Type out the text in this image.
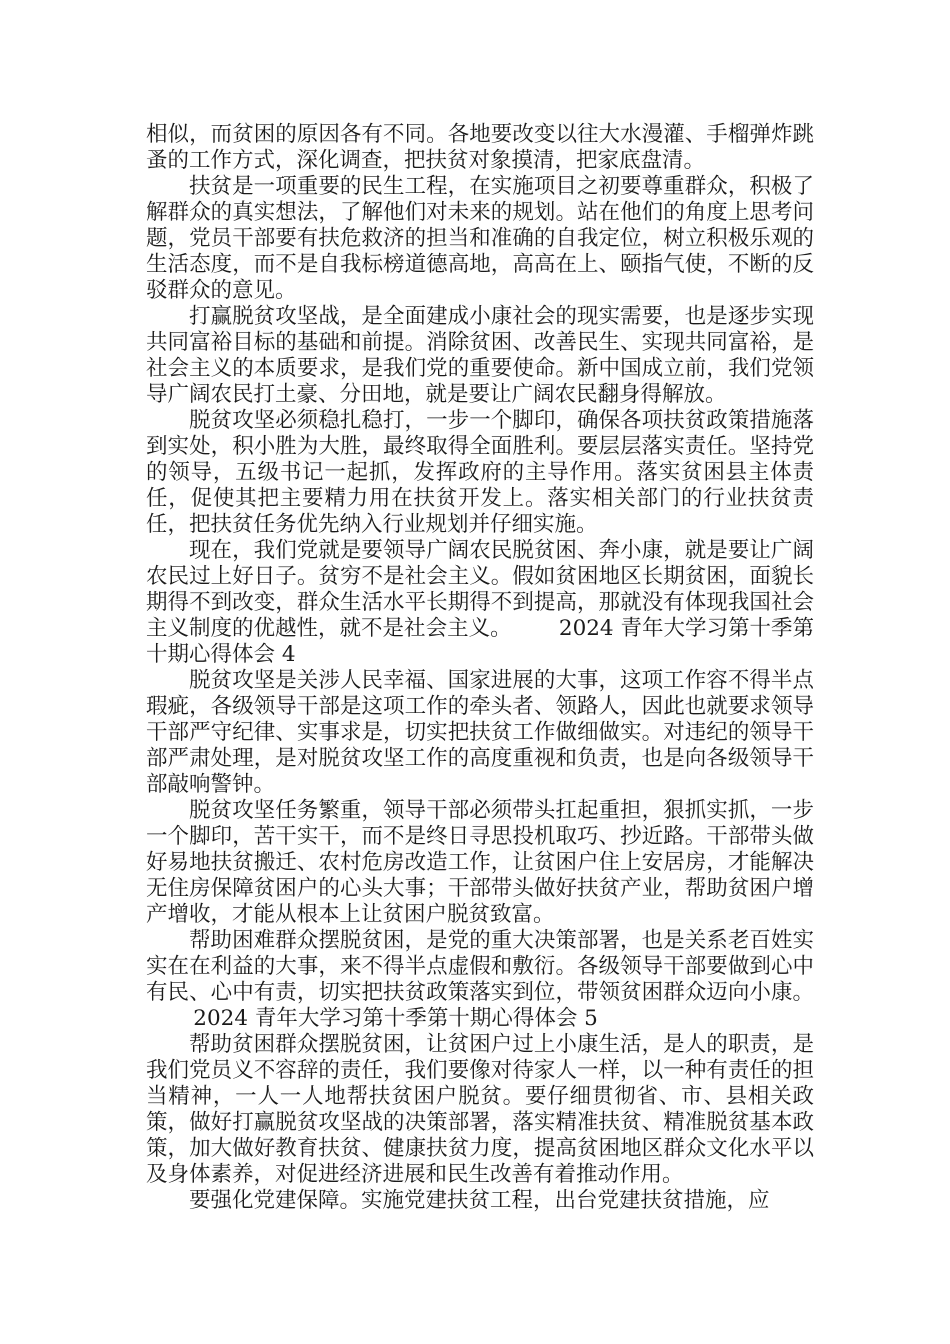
相似，而贫困的原因各有不同。各地要改变以往大水漫灌、手榴弹炸跳蚤的工作方式，深化调查，把扶贫对象摸清，把家底盘清。

扶贫是一项重要的民生工程，在实施项目之初要尊重群众，积极了解群众的真实想法，了解他们对未来的规划。站在他们的角度上思考问题，党员干部要有扶危救济的担当和准确的自我定位，树立积极乐观的生活态度，而不是自我标榜道德高地，高高在上、颐指气使，不断的反驳群众的意见。

打赢脱贫攻坚战，是全面建成小康社会的现实需要，也是逐步实现共同富裕目标的基础和前提。消除贫困、改善民生、实现共同富裕，是社会主义的本质要求，是我们党的重要使命。新中国成立前，我们党领导广阔农民打土豪、分田地，就是要让广阔农民翻身得解放。

脱贫攻坚必须稳扎稳打，一步一个脚印，确保各项扶贫政策措施落到实处，积小胜为大胜，最终取得全面胜利。要层层落实责任。坚持党的领导，五级书记一起抓，发挥政府的主导作用。落实贫困县主体责任，促使其把主要精力用在扶贫开发上。落实相关部门的行业扶贫责任，把扶贫任务优先纳入行业规划并仔细实施。

现在，我们党就是要领导广阔农民脱贫困、奔小康，就是要让广阔农民过上好日子。贫穷不是社会主义。假如贫困地区长期贫困，面貌长期得不到改变，群众生活水平长期得不到提高，那就没有体现我国社会主义制度的优越性，就不是社会主义。 2024 青年大学习第十季第十期心得体会 4

脱贫攻坚是关涉人民幸福、国家进展的大事，这项工作容不得半点瑕疵，各级领导干部是这项工作的牵头者、领路人，因此也就要求领导干部严守纪律、实事求是，切实把扶贫工作做细做实。对违纪的领导干部严肃处理，是对脱贫攻坚工作的高度重视和负责，也是向各级领导干部敲响警钟。

脱贫攻坚任务繁重，领导干部必须带头扛起重担，狠抓实抓，一步一个脚印，苦干实干，而不是终日寻思投机取巧、抄近路。干部带头做好易地扶贫搬迁、农村危房改造工作，让贫困户住上安居房，才能解决无住房保障贫困户的心头大事；干部带头做好扶贫产业，帮助贫困户增产增收，才能从根本上让贫困户脱贫致富。

帮助困难群众摆脱贫困，是党的重大决策部署，也是关系老百姓实实在在利益的大事，来不得半点虚假和敷衍。各级领导干部要做到心中有民、心中有责，切实把扶贫政策落实到位，带领贫困群众迈向小康。2024 青年大学习第十季第十期心得体会 5

帮助贫困群众摆脱贫困，让贫困户过上小康生活，是人的职责，是我们党员义不容辞的责任，我们要像对待家人一样，以一种有责任的担当精神，一人一人地帮扶贫困户脱贫。要仔细贯彻省、市、县相关政策，做好打赢脱贫攻坚战的决策部署，落实精准扶贫、精准脱贫基本政策，加大做好教育扶贫、健康扶贫力度，提高贫困地区群众文化水平以及身体素养，对促进经济进展和民生改善有着推动作用。

要强化党建保障。实施党建扶贫工程，出台党建扶贫措施，应
